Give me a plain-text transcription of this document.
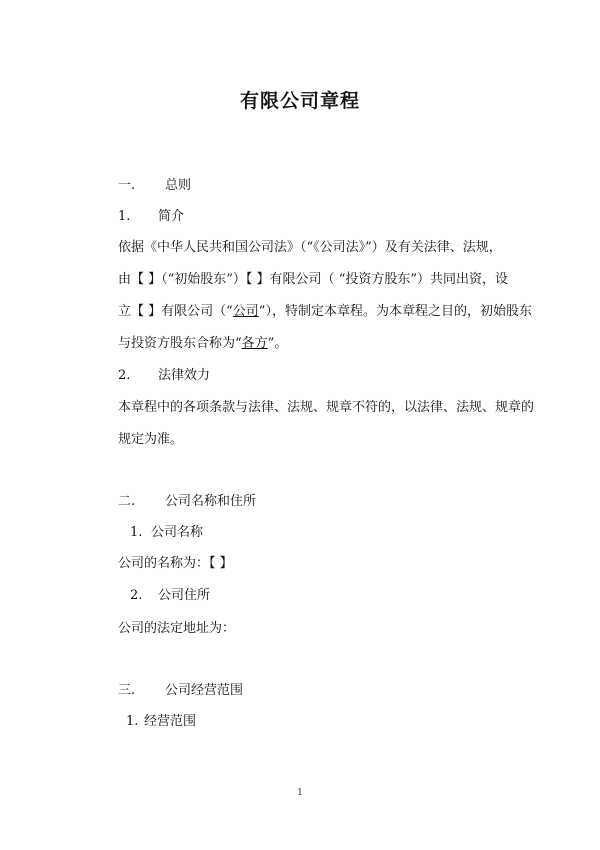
有限公司章程
一. 总则
1. 简介
依据《中华人民共和国公司法》（“《公司法》”）及有关法律、法规，
由【 】（“初始股东”）【 】有限公司（ “投资方股东”）共同出资，设
立【 】有限公司（“公司”），特制定本章程。为本章程之目的，初始股东
与投资方股东合称为“各方”。
2. 法律效力
本章程中的各项条款与法律、法规、规章不符的，以法律、法规、规章的
规定为准。
二. 公司名称和住所
1. 公司名称
公司的名称为：【 】
2. 公司住所
公司的法定地址为：
三. 公司经营范围
1. 经营范围
1
